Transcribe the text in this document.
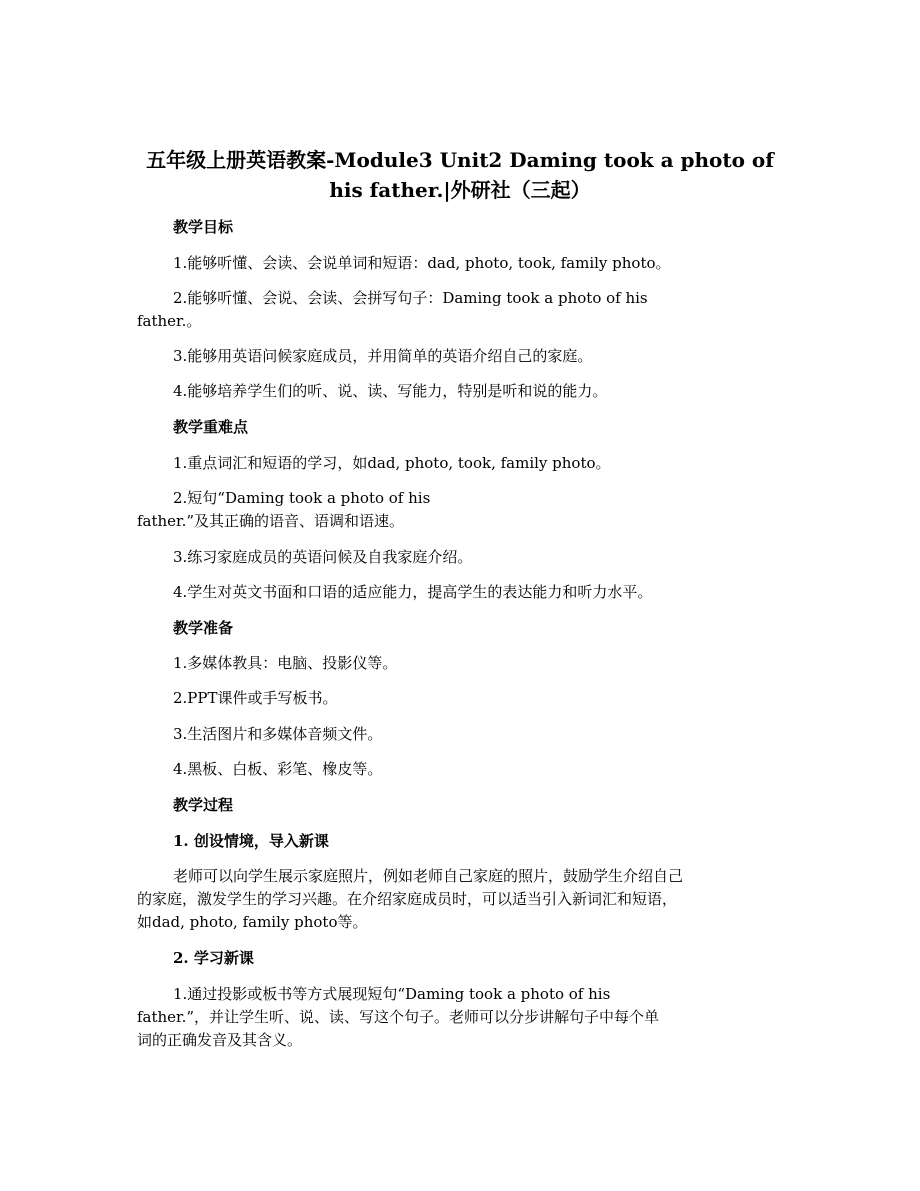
五年级上册英语教案-Module3 Unit2 Daming took a photo of
his father.|外研社（三起）
教学目标
1.能够听懂、会读、会说单词和短语：dad, photo, took, family photo。
2.能够听懂、会说、会读、会拼写句子：Daming took a photo of his
father.。
3.能够用英语问候家庭成员，并用简单的英语介绍自己的家庭。
4.能够培养学生们的听、说、读、写能力，特别是听和说的能力。
教学重难点
1.重点词汇和短语的学习，如dad, photo, took, family photo。
2.短句“Daming took a photo of his
father.”及其正确的语音、语调和语速。
3.练习家庭成员的英语问候及自我家庭介绍。
4.学生对英文书面和口语的适应能力，提高学生的表达能力和听力水平。
教学准备
1.多媒体教具：电脑、投影仪等。
2.PPT课件或手写板书。
3.生活图片和多媒体音频文件。
4.黑板、白板、彩笔、橡皮等。
教学过程
1. 创设情境，导入新课
老师可以向学生展示家庭照片，例如老师自己家庭的照片，鼓励学生介绍自己
的家庭，激发学生的学习兴趣。在介绍家庭成员时，可以适当引入新词汇和短语，
如dad, photo, family photo等。
2. 学习新课
1.通过投影或板书等方式展现短句“Daming took a photo of his
father.”，并让学生听、说、读、写这个句子。老师可以分步讲解句子中每个单
词的正确发音及其含义。
